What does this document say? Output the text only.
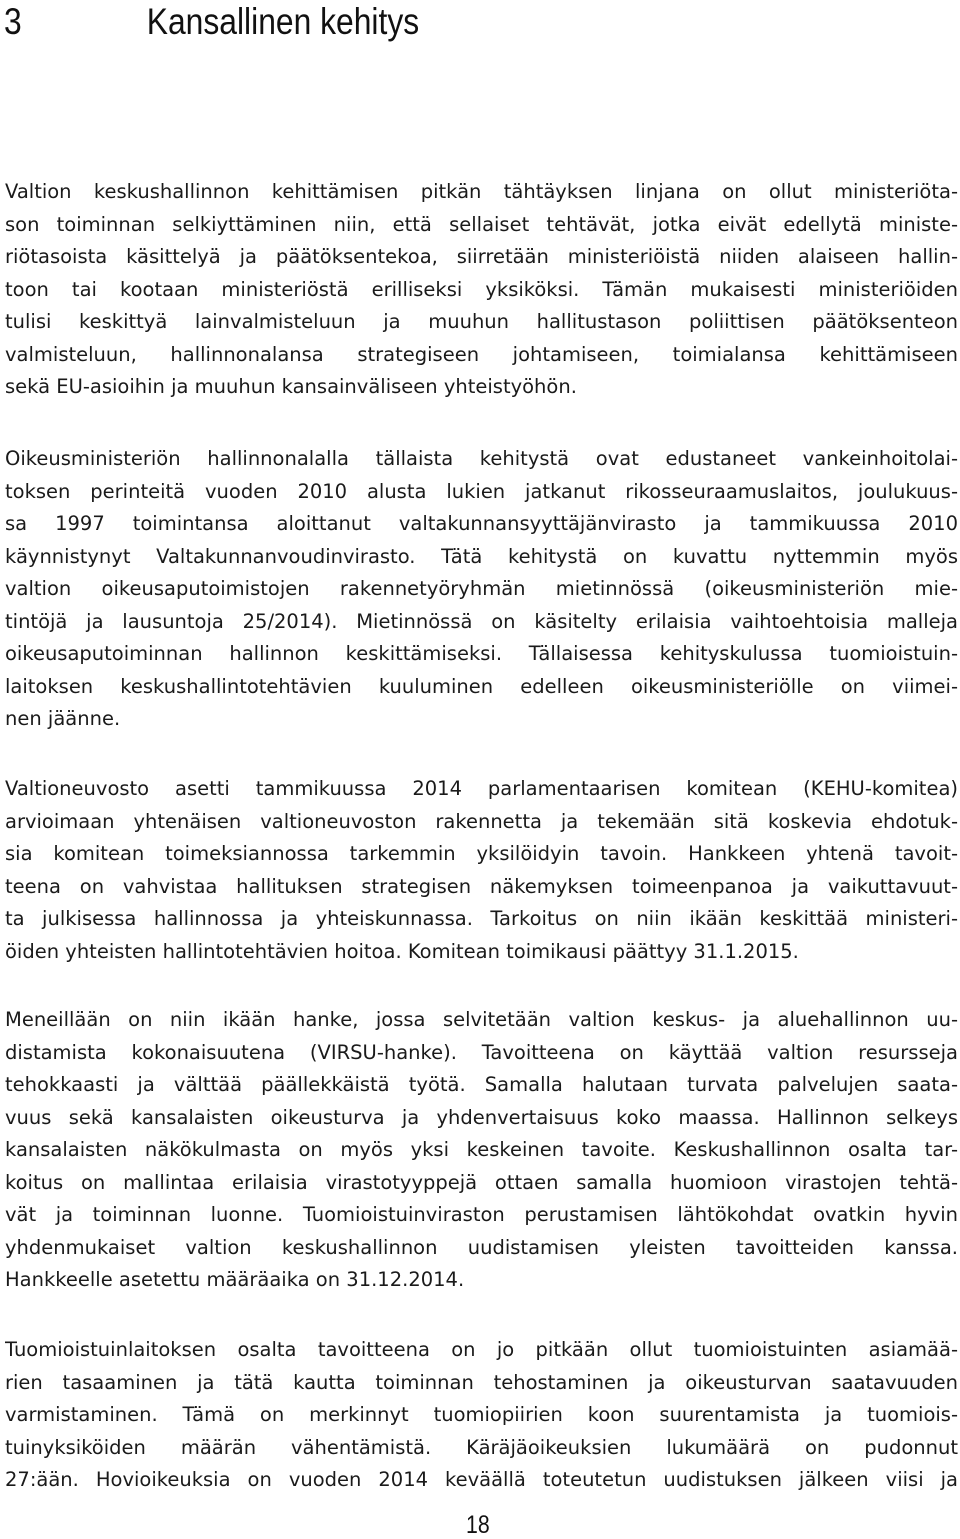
3	Kansallinen kehitys

Valtion keskushallinnon kehittämisen pitkän tähtäyksen linjana on ollut ministeriöta-
son toiminnan selkiyttäminen niin, että sellaiset tehtävät, jotka eivät edellytä ministe-
riötasoista käsittelyä ja päätöksentekoa, siirretään ministeriöistä niiden alaiseen hallin-
toon tai kootaan ministeriöstä erilliseksi yksiköksi. Tämän mukaisesti ministeriöiden
tulisi keskittyä lainvalmisteluun ja muuhun hallitustason poliittisen päätöksenteon
valmisteluun, hallinnonalansa strategiseen johtamiseen, toimialansa kehittämiseen
sekä EU-asioihin ja muuhun kansainväliseen yhteistyöhön.

Oikeusministeriön hallinnonalalla tällaista kehitystä ovat edustaneet vankeinhoitolai-
toksen perinteitä vuoden 2010 alusta lukien jatkanut rikosseuraamuslaitos, joulukuus-
sa 1997 toimintansa aloittanut valtakunnansyyttäjänvirasto ja tammikuussa 2010
käynnistynyt Valtakunnanvoudinvirasto. Tätä kehitystä on kuvattu nyttemmin myös
valtion oikeusaputoimistojen rakennetyöryhmän mietinnössä (oikeusministeriön mie-
tintöjä ja lausuntoja 25/2014). Mietinnössä on käsitelty erilaisia vaihtoehtoisia malleja
oikeusaputoiminnan hallinnon keskittämiseksi. Tällaisessa kehityskulussa tuomioistuin-
laitoksen keskushallintotehtävien kuuluminen edelleen oikeusministeriölle on viimei-
nen jäänne.

Valtioneuvosto asetti tammikuussa 2014 parlamentaarisen komitean (KEHU-komitea)
arvioimaan yhtenäisen valtioneuvoston rakennetta ja tekemään sitä koskevia ehdotuk-
sia komitean toimeksiannossa tarkemmin yksilöidyin tavoin. Hankkeen yhtenä tavoit-
teena on vahvistaa hallituksen strategisen näkemyksen toimeenpanoa ja vaikuttavuut-
ta julkisessa hallinnossa ja yhteiskunnassa. Tarkoitus on niin ikään keskittää ministeri-
öiden yhteisten hallintotehtävien hoitoa. Komitean toimikausi päättyy 31.1.2015.

Meneillään on niin ikään hanke, jossa selvitetään valtion keskus- ja aluehallinnon uu-
distamista kokonaisuutena (VIRSU-hanke). Tavoitteena on käyttää valtion resursseja
tehokkaasti ja välttää päällekkäistä työtä. Samalla halutaan turvata palvelujen saata-
vuus sekä kansalaisten oikeusturva ja yhdenvertaisuus koko maassa. Hallinnon selkeys
kansalaisten näkökulmasta on myös yksi keskeinen tavoite. Keskushallinnon osalta tar-
koitus on mallintaa erilaisia virastotyyppejä ottaen samalla huomioon virastojen tehtä-
vät ja toiminnan luonne. Tuomioistuinviraston perustamisen lähtökohdat ovatkin hyvin
yhdenmukaiset valtion keskushallinnon uudistamisen yleisten tavoitteiden kanssa.
Hankkeelle asetettu määräaika on 31.12.2014.

Tuomioistuinlaitoksen osalta tavoitteena on jo pitkään ollut tuomioistuinten asiamää-
rien tasaaminen ja tätä kautta toiminnan tehostaminen ja oikeusturvan saatavuuden
varmistaminen. Tämä on merkinnyt tuomiopiirien koon suurentamista ja tuomiois-
tuinyksiköiden määrän vähentämistä. Käräjäoikeuksien lukumäärä on pudonnut
27:ään. Hovioikeuksia on vuoden 2014 keväällä toteutetun uudistuksen jälkeen viisi ja

18
